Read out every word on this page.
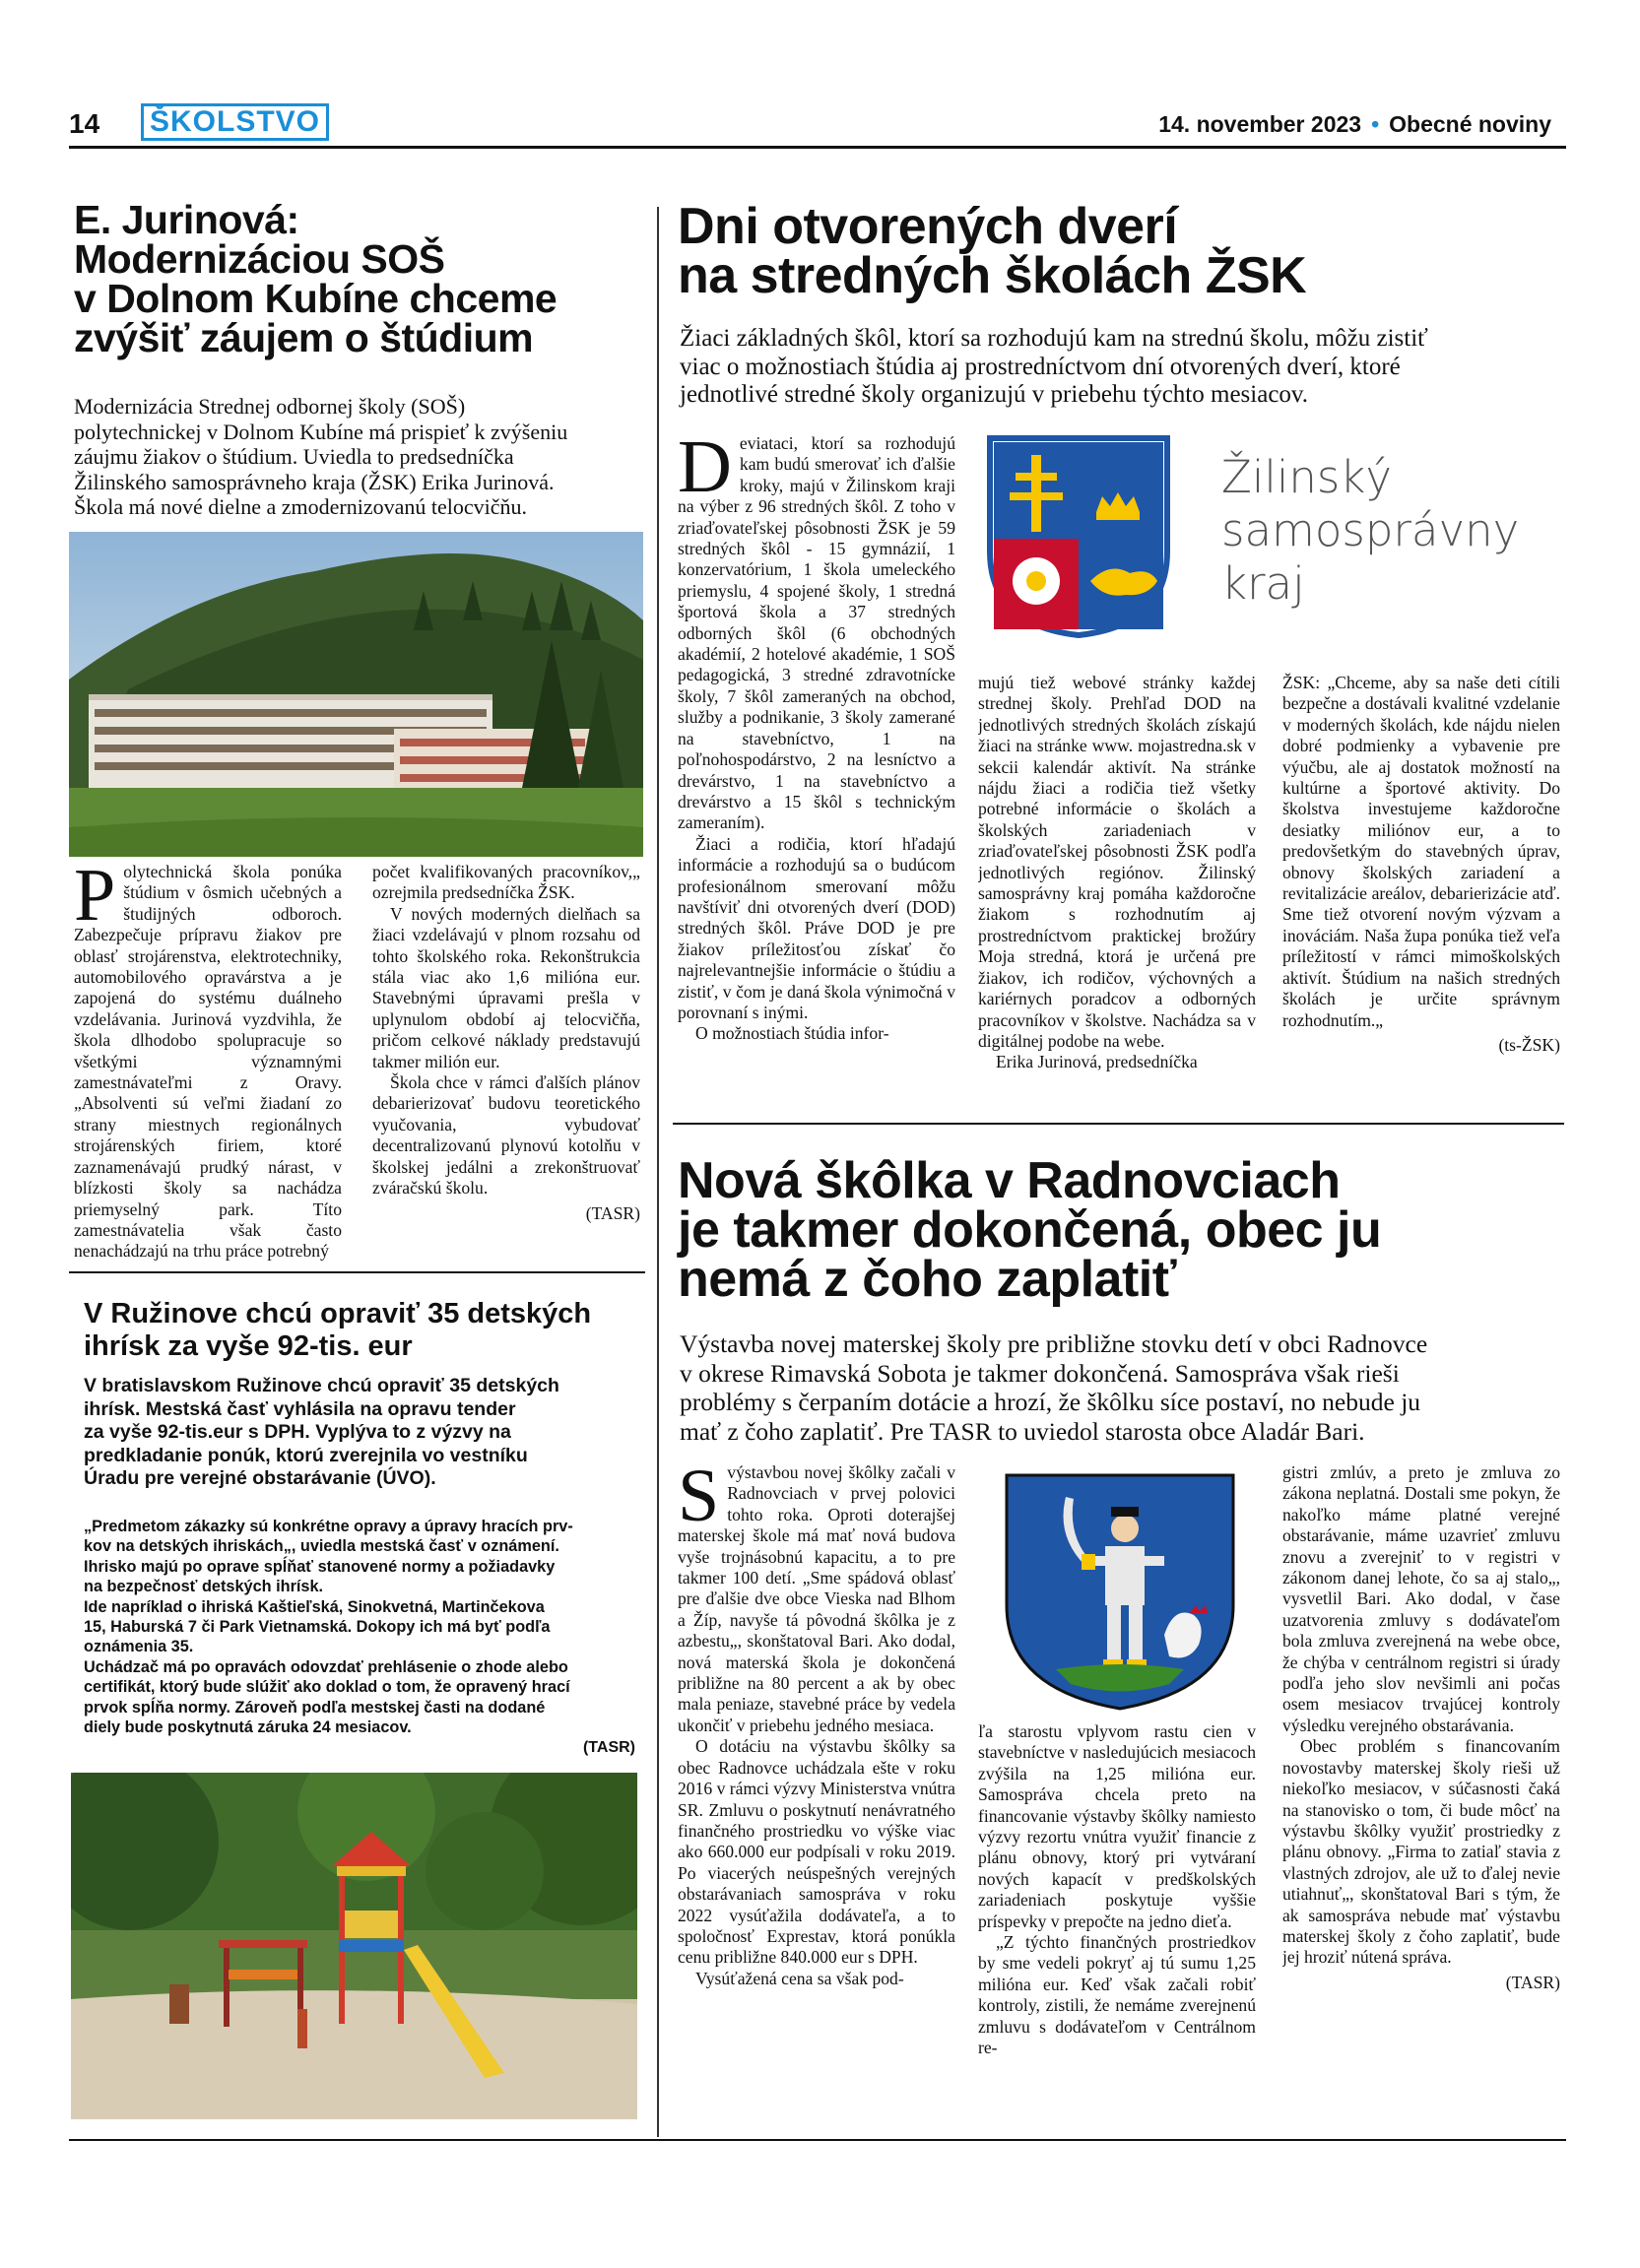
14	ŠKOLSTVO	14. november 2023 • Obecné noviny
E. Jurinová:
Modernizáciou SOŠ
v Dolnom Kubíne chceme
zvýšiť záujem o štúdium
Modernizácia Strednej odbornej školy (SOŠ)
polytechnickej v Dolnom Kubíne má prispieť k zvýšeniu
záujmu žiakov o štúdium. Uviedla to predsedníčka
Žilinského samosprávneho kraja (ŽSK) Erika Jurinová.
Škola má nové dielne a zmodernizovanú telocvičňu.

Polytechnická škola ponúka štúdium v ôsmich učebných a študijných odboroch. Zabezpečuje prípravu žiakov pre oblasť strojárenstva, elektrotechniky, automobilového opravárstva a je zapojená do systému duálneho vzdelávania. Jurinová vyzdvihla, že škola dlhodobo spolupracuje so všetkými významnými zamestnávateľmi z Oravy. „Absolventi sú veľmi žiadaní zo strany miestnych regionálnych strojárenských firiem, ktoré zaznamenávajú prudký nárast, v blízkosti školy sa nachádza priemyselný park. Títo zamestnávatelia však často nenachádzajú na trhu práce potrebný

počet kvalifikovaných pracovníkov,„ ozrejmila predsedníčka ŽSK.

V nových moderných dielňach sa žiaci vzdelávajú v plnom rozsahu od tohto školského roka. Rekonštrukcia stála viac ako 1,6 milióna eur. Stavebnými úpravami prešla v uplynulom období aj telocvičňa, pričom celkové náklady predstavujú takmer milión eur.

Škola chce v rámci ďalších plánov debarierizovať budovu teoretického vyučovania, vybudovať decentralizovanú plynovú kotolňu v školskej jedálni a zrekonštruovať zváračskú školu.

(TASR)
V Ružinove chcú opraviť 35 detských
ihrísk za vyše 92-tis. eur
V bratislavskom Ružinove chcú opraviť 35 detských
ihrísk. Mestská časť vyhlásila na opravu tender
za vyše 92-tis.eur s DPH. Vyplýva to z výzvy na
predkladanie ponúk, ktorú zverejnila vo vestníku
Úradu pre verejné obstarávanie (ÚVO).
„Predmetom zákazky sú konkrétne opravy a úpravy hracích prv-
kov na detských ihriskách„, uviedla mestská časť v oznámení.
Ihrisko majú po oprave spĺňať stanovené normy a požiadavky
na bezpečnosť detských ihrísk.
Ide napríklad o ihriská Kaštieľská, Sinokvetná, Martinčekova
15, Haburská 7 či Park Vietnamská. Dokopy ich má byť podľa
oznámenia 35.
Uchádzač má po opravách odovzdať prehlásenie o zhode alebo
certifikát, ktorý bude slúžiť ako doklad o tom, že opravený hrací
prvok spĺňa normy. Zároveň podľa mestskej časti na dodané
diely bude poskytnutá záruka 24 mesiacov.
(TASR)
Dni otvorených dverí
na stredných školách ŽSK
Žiaci základných škôl, ktorí sa rozhodujú kam na strednú školu, môžu zistiť
viac o možnostiach štúdia aj prostredníctvom dní otvorených dverí, ktoré
jednotlivé stredné školy organizujú v priebehu týchto mesiacov.

Deviataci, ktorí sa rozhodujú kam budú smerovať ich ďalšie kroky, majú v Žilinskom kraji na výber z 96 stredných škôl. Z toho v zriaďovateľskej pôsobnosti ŽSK je 59 stredných škôl - 15 gymnázií, 1 konzervatórium, 1 škola umeleckého priemyslu, 4 spojené školy, 1 stredná športová škola a 37 stredných odborných škôl (6 obchodných akadémií, 2 hotelové akadémie, 1 SOŠ pedagogická, 3 stredné zdravotnícke školy, 7 škôl zameraných na obchod, služby a podnikanie, 3 školy zamerané na stavebníctvo, 1 na poľnohospodárstvo, 2 na lesníctvo a drevárstvo, 1 na stavebníctvo a drevárstvo a 15 škôl s technickým zameraním).

Žiaci a rodičia, ktorí hľadajú informácie a rozhodujú sa o budúcom profesionálnom smerovaní môžu navštíviť dni otvorených dverí (DOD) stredných škôl. Práve DOD je pre žiakov príležitosťou získať čo najrelevantnejšie informácie o štúdiu a zistiť, v čom je daná škola výnimočná v porovnaní s inými.

O možnostiach štúdia infor-

Žilinský
samosprávny
kraj

mujú tiež webové stránky každej strednej školy. Prehľad DOD na jednotlivých stredných školách získajú žiaci na stránke www. mojastredna.sk v sekcii kalendár aktivít. Na stránke nájdu žiaci a rodičia tiež všetky potrebné informácie o školách a školských zariadeniach v zriaďovateľskej pôsobnosti ŽSK podľa jednotlivých regiónov. Žilinský samosprávny kraj pomáha každoročne žiakom s rozhodnutím aj prostredníctvom praktickej brožúry Moja stredná, ktorá je určená pre žiakov, ich rodičov, výchovných a kariérnych poradcov a odborných pracovníkov v školstve. Nachádza sa v digitálnej podobe na webe.

Erika Jurinová, predsedníčka

ŽSK: „Chceme, aby sa naše deti cítili bezpečne a dostávali kvalitné vzdelanie v moderných školách, kde nájdu nielen dobré podmienky a vybavenie pre výučbu, ale aj dostatok možností na kultúrne a športové aktivity. Do školstva investujeme každoročne desiatky miliónov eur, a to predovšetkým do stavebných úprav, obnovy školských zariadení a revitalizácie areálov, debarierizácie atď. Sme tiež otvorení novým výzvam a inováciám. Naša župa ponúka tiež veľa príležitostí v rámci mimoškolských aktivít. Štúdium na našich stredných školách je určite správnym rozhodnutím.„

(ts-ŽSK)
Nová škôlka v Radnovciach
je takmer dokončená, obec ju
nemá z čoho zaplatiť
Výstavba novej materskej školy pre približne stovku detí v obci Radnovce
v okrese Rimavská Sobota je takmer dokončená. Samospráva však rieši
problémy s čerpaním dotácie a hrozí, že škôlku síce postaví, no nebude ju
mať z čoho zaplatiť. Pre TASR to uviedol starosta obce Aladár Bari.

Svýstavbou novej škôlky začali v Radnovciach v prvej polovici tohto roka. Oproti doterajšej materskej škole má mať nová budova vyše trojnásobnú kapacitu, a to pre takmer 100 detí. „Sme spádová oblasť pre ďalšie dve obce Vieska nad Blhom a Žíp, navyše tá pôvodná škôlka je z azbestu„, skonštatoval Bari. Ako dodal, nová materská škola je dokončená približne na 80 percent a ak by obec mala peniaze, stavebné práce by vedela ukončiť v priebehu jedného mesiaca.

O dotáciu na výstavbu škôlky sa obec Radnovce uchádzala ešte v roku 2016 v rámci výzvy Ministerstva vnútra SR. Zmluvu o poskytnutí nenávratného finančného prostriedku vo výške viac ako 660.000 eur podpísali v roku 2019. Po viacerých neúspešných verejných obstarávaniach samospráva v roku 2022 vysúťažila dodávateľa, a to spoločnosť Exprestav, ktorá ponúkla cenu približne 840.000 eur s DPH.

Vysúťažená cena sa však pod-

ľa starostu vplyvom rastu cien v stavebníctve v nasledujúcich mesiacoch zvýšila na 1,25 milióna eur. Samospráva chcela preto na financovanie výstavby škôlky namiesto výzvy rezortu vnútra využiť financie z plánu obnovy, ktorý pri vytváraní nových kapacít v predškolských zariadeniach poskytuje vyššie príspevky v prepočte na jedno dieťa.

„Z týchto finančných prostriedkov by sme vedeli pokryť aj tú sumu 1,25 milióna eur. Keď však začali robiť kontroly, zistili, že nemáme zverejnenú zmluvu s dodávateľom v Centrálnom re-

gistri zmlúv, a preto je zmluva zo zákona neplatná. Dostali sme pokyn, že nakoľko máme platné verejné obstarávanie, máme uzavrieť zmluvu znovu a zverejniť to v registri v zákonom danej lehote, čo sa aj stalo„, vysvetlil Bari. Ako dodal, v čase uzatvorenia zmluvy s dodávateľom bola zmluva zverejnená na webe obce, že chýba v centrálnom registri si úrady podľa jeho slov nevšimli ani počas osem mesiacov trvajúcej kontroly výsledku verejného obstarávania.

Obec problém s financovaním novostavby materskej školy rieši už niekoľko mesiacov, v súčasnosti čaká na stanovisko o tom, či bude môcť na výstavbu škôlky využiť prostriedky z plánu obnovy. „Firma to zatiaľ stavia z vlastných zdrojov, ale už to ďalej nevie utiahnuť„, skonštatoval Bari s tým, že ak samospráva nebude mať výstavbu materskej školy z čoho zaplatiť, bude jej hroziť nútená správa.

(TASR)
